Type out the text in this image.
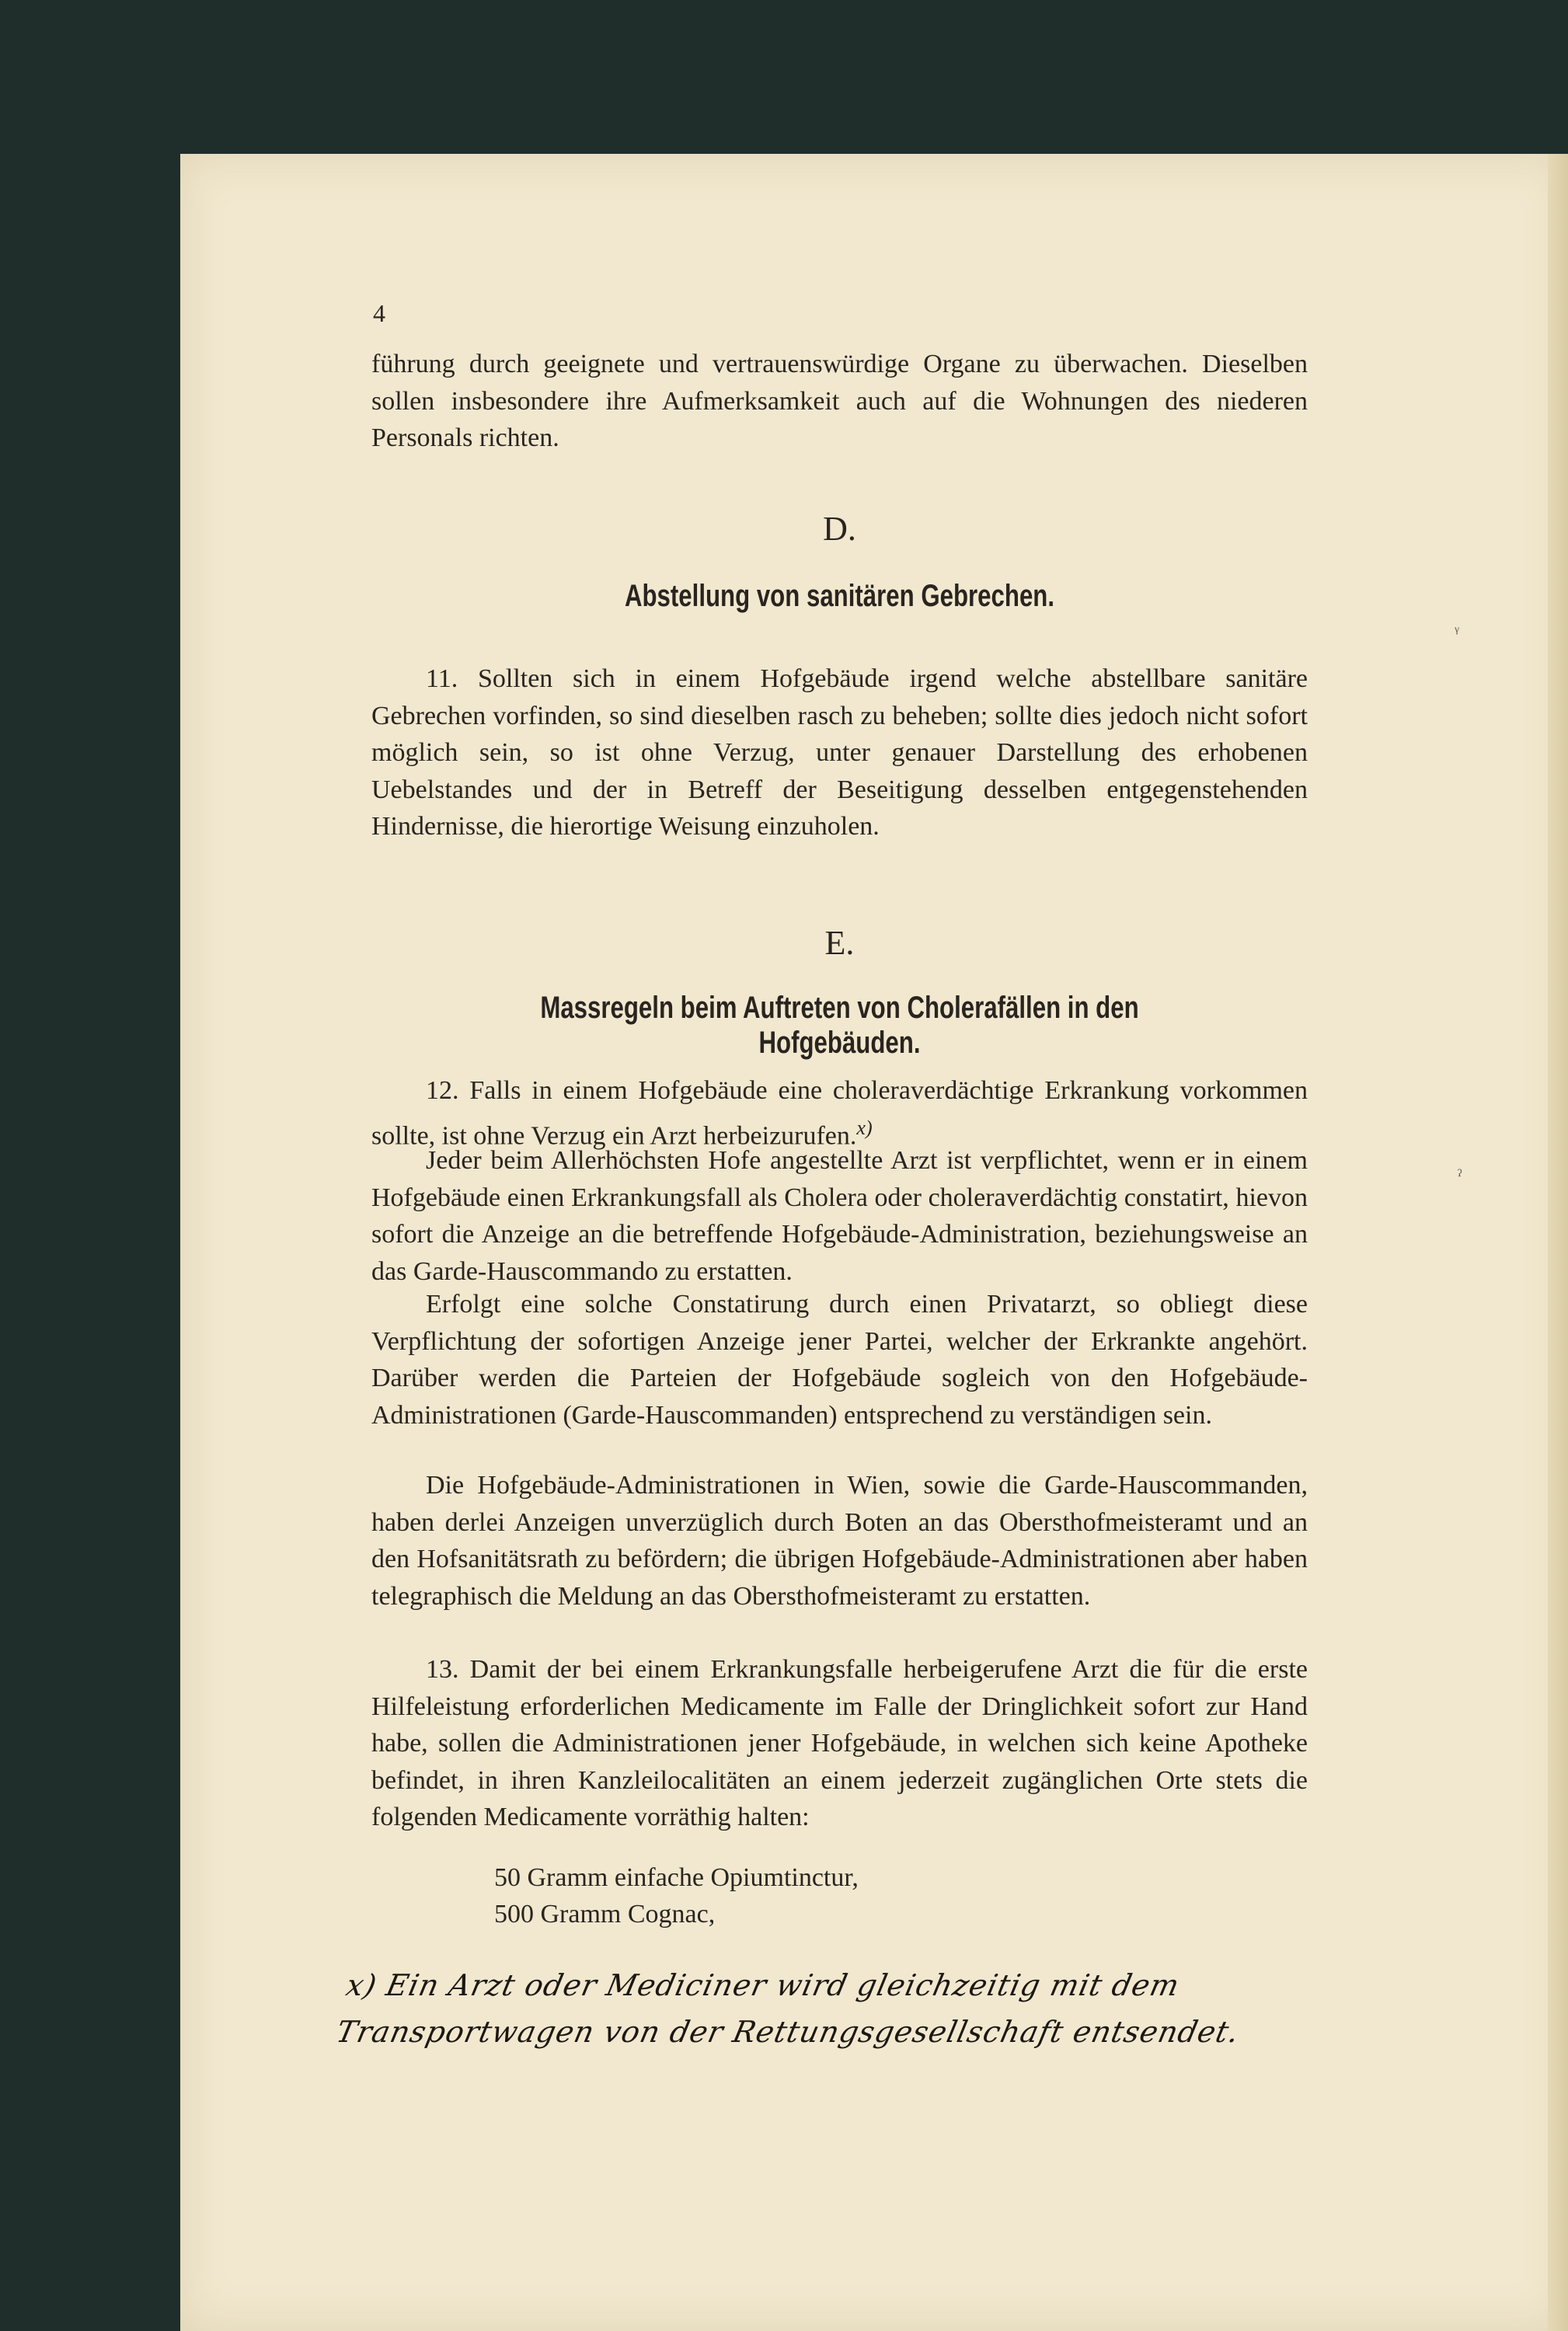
4

führung durch geeignete und vertrauenswürdige Organe zu überwachen. Dieselben sollen insbesondere ihre Aufmerksamkeit auch auf die Wohnungen des niederen Personals richten.

D.
Abstellung von sanitären Gebrechen.

11. Sollten sich in einem Hofgebäude irgend welche abstellbare sanitäre Gebrechen vorfinden, so sind dieselben rasch zu beheben; sollte dies jedoch nicht sofort möglich sein, so ist ohne Verzug, unter genauer Darstellung des erhobenen Uebelstandes und der in Betreff der Beseitigung desselben entgegenstehenden Hindernisse, die hierortige Weisung einzuholen.

E.
Massregeln beim Auftreten von Cholerafällen in den Hofgebäuden.

12. Falls in einem Hofgebäude eine choleraverdächtige Erkrankung vorkommen sollte, ist ohne Verzug ein Arzt herbeizurufen.$^{x)}$

Jeder beim Allerhöchsten Hofe angestellte Arzt ist verpflichtet, wenn er in einem Hofgebäude einen Erkrankungsfall als Cholera oder choleraverdächtig constatirt, hievon sofort die Anzeige an die betreffende Hofgebäude-Administration, beziehungsweise an das Garde-Hauscommando zu erstatten.

Erfolgt eine solche Constatirung durch einen Privatarzt, so obliegt diese Verpflichtung der sofortigen Anzeige jener Partei, welcher der Erkrankte angehört. Darüber werden die Parteien der Hofgebäude sogleich von den Hofgebäude-Administrationen (Garde-Hauscommanden) entsprechend zu verständigen sein.

Die Hofgebäude-Administrationen in Wien, sowie die Garde-Hauscommanden, haben derlei Anzeigen unverzüglich durch Boten an das Obersthofmeisteramt und an den Hofsanitätsrath zu befördern; die übrigen Hofgebäude-Administrationen aber haben telegraphisch die Meldung an das Obersthofmeisteramt zu erstatten.

13. Damit der bei einem Erkrankungsfalle herbeigerufene Arzt die für die erste Hilfeleistung erforderlichen Medicamente im Falle der Dringlichkeit sofort zur Hand habe, sollen die Administrationen jener Hofgebäude, in welchen sich keine Apotheke befindet, in ihren Kanzleilocalitäten an einem jederzeit zugänglichen Orte stets die folgenden Medicamente vorräthig halten:

50 Gramm einfache Opiumtinctur,
500 Gramm Cognac,
x) Ein Arzt oder Mediciner wird gleichzeitig mit dem Transportwagen von der Rettungsgesellschaft entsendet.
ᵞ
ˀ
